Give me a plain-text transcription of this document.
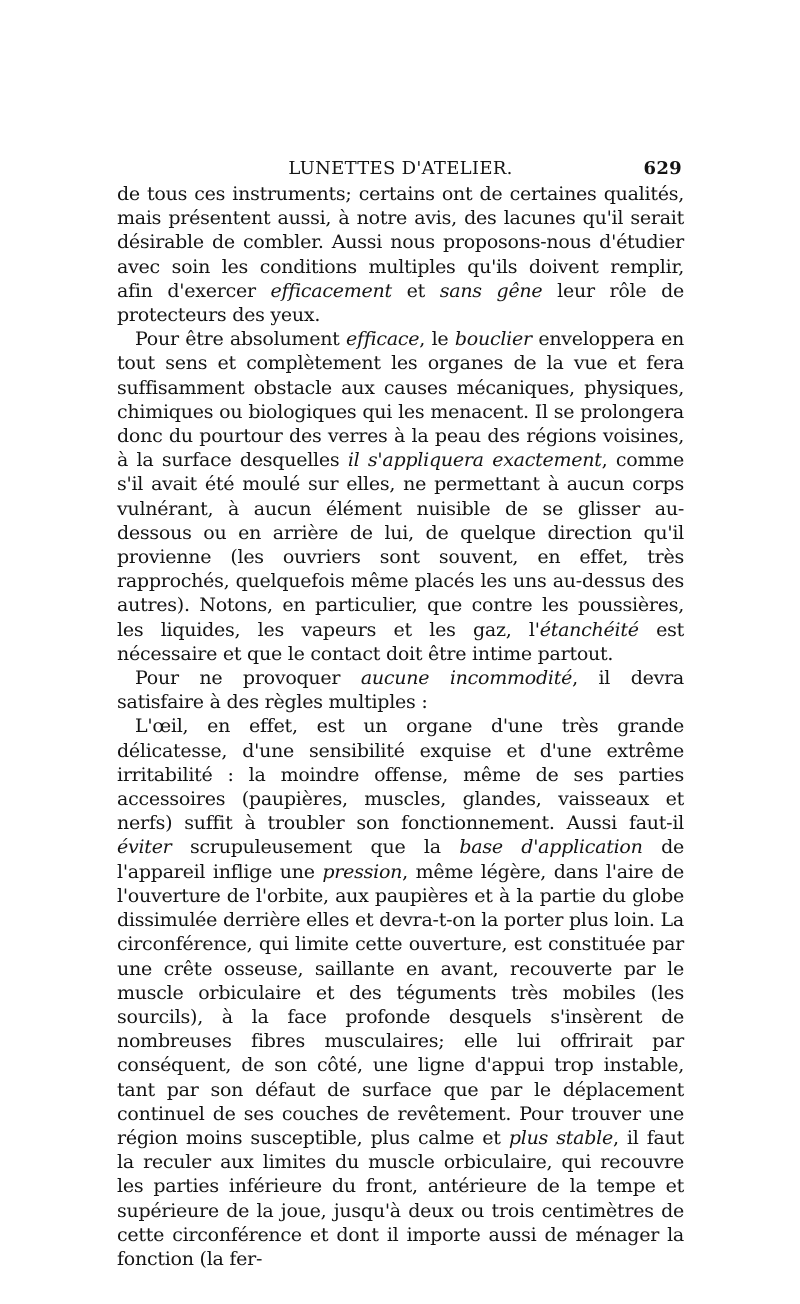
LUNETTES D'ATELIER.	629

de tous ces instruments; certains ont de certaines qualités, mais présentent aussi, à notre avis, des lacunes qu'il serait désirable de combler. Aussi nous proposons-nous d'étudier avec soin les conditions multiples qu'ils doivent remplir, afin d'exercer efficacement et sans gêne leur rôle de protecteurs des yeux.

Pour être absolument efficace, le bouclier enveloppera en tout sens et complètement les organes de la vue et fera suffisamment obstacle aux causes mécaniques, physiques, chimiques ou biologiques qui les menacent. Il se prolongera donc du pourtour des verres à la peau des régions voisines, à la surface desquelles il s'appliquera exactement, comme s'il avait été moulé sur elles, ne permettant à aucun corps vulnérant, à aucun élément nuisible de se glisser au-dessous ou en arrière de lui, de quelque direction qu'il provienne (les ouvriers sont souvent, en effet, très rapprochés, quelquefois même placés les uns au-dessus des autres). Notons, en particulier, que contre les poussières, les liquides, les vapeurs et les gaz, l'étanchéité est nécessaire et que le contact doit être intime partout.

Pour ne provoquer aucune incommodité, il devra satisfaire à des règles multiples :

L'œil, en effet, est un organe d'une très grande délicatesse, d'une sensibilité exquise et d'une extrême irritabilité : la moindre offense, même de ses parties accessoires (paupières, muscles, glandes, vaisseaux et nerfs) suffit à troubler son fonctionnement. Aussi faut-il éviter scrupuleusement que la base d'application de l'appareil inflige une pression, même légère, dans l'aire de l'ouverture de l'orbite, aux paupières et à la partie du globe dissimulée derrière elles et devra-t-on la porter plus loin. La circonférence, qui limite cette ouverture, est constituée par une crête osseuse, saillante en avant, recouverte par le muscle orbiculaire et des téguments très mobiles (les sourcils), à la face profonde desquels s'insèrent de nombreuses fibres musculaires; elle lui offrirait par conséquent, de son côté, une ligne d'appui trop instable, tant par son défaut de surface que par le déplacement continuel de ses couches de revêtement. Pour trouver une région moins susceptible, plus calme et plus stable, il faut la reculer aux limites du muscle orbiculaire, qui recouvre les parties inférieure du front, antérieure de la tempe et supérieure de la joue, jusqu'à deux ou trois centimètres de cette circonférence et dont il importe aussi de ménager la fonction (la fer-
